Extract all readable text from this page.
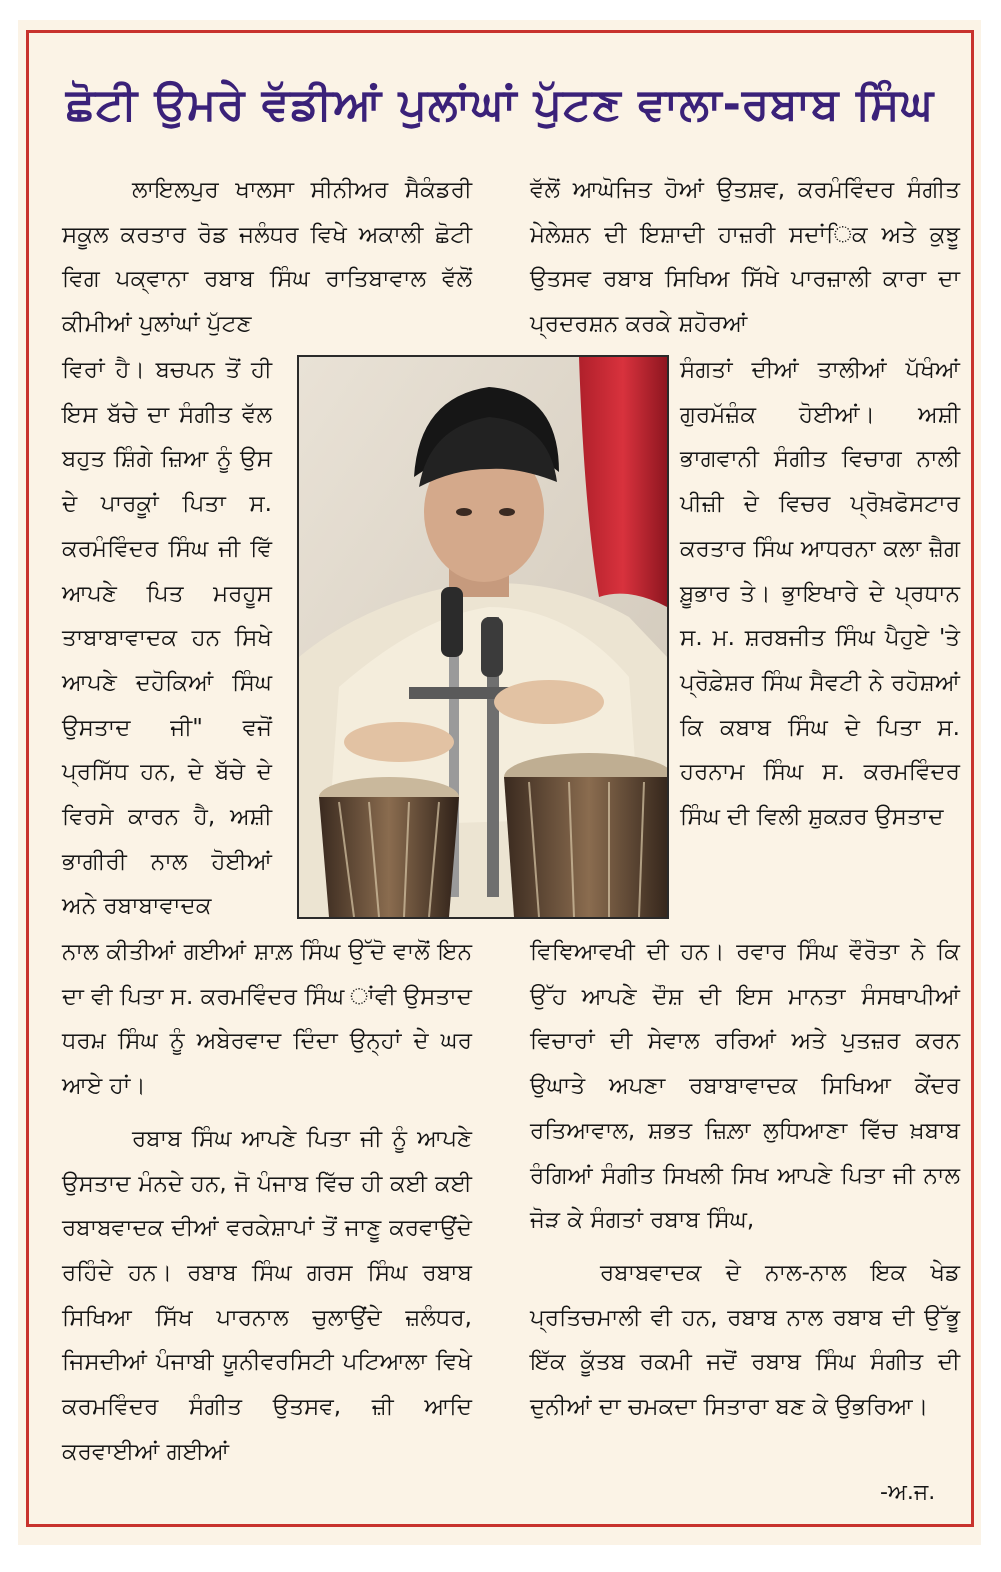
ਛੋਟੀ ਉਮਰੇ ਵੱਡੀਆਂ ਪੁਲਾਂਘਾਂ ਪੁੱਟਣ ਵਾਲਾ-ਰਬਾਬ ਸਿੰਘ

ਲਾਇਲਪੁਰ ਖਾਲਸਾ ਸੀਨੀਅਰ ਸੈਕੰਡਰੀ ਸਕੂਲ ਕਰਤਾਰ ਰੋਡ ਜਲੰਧਰ ਵਿਖੇ ਅਕਾਲੀ ਛੋਟੀ ਵਿਗ ਪਕ੍ਵਾਨਾ ਰਬਾਬ ਸਿੰਘ ਰਾਤਿਬਾਵਾਲ ਵੱਲੋਂ ਕੀਮੀਆਂ ਪੁਲਾਂਘਾਂ ਪੁੱਟਣ

ਵਿਰਾਂ ਹੈ। ਬਚਪਨ ਤੋਂ ਹੀ ਇਸ ਬੱਚੇ ਦਾ ਸੰਗੀਤ ਵੱਲ ਬਹੁਤ ਸ਼ਿੰਗੇ ਜ਼ਿਆ ਨੂੰ ਉਸ ਦੇ ਪਾਰਕੂਾਂ ਪਿਤਾ ਸ. ਕਰਮੰਵਿੰਦਰ ਸਿੰਘ ਜੀ ਵਿੱ ਆਪਣੇ ਪਿਤ ਮਰਹੂਸ ਤਾਬਾਬਾਵਾਦਕ ਹਨ ਸਿਖੇ ਆਪਣੇ ਦਹੋਕਿਆਂ ਸਿੰਘ ਉਸਤਾਦ ਜੀ" ਵਜੋਂ ਪ੍ਰਸਿੱਧ ਹਨ, ਦੇ ਬੱਚੇ ਦੇ ਵਿਰਸੇ ਕਾਰਨ ਹੈ, ਅਸ਼ੀ ਭਾਗੀਰੀ ਨਾਲ ਹੋਈਆਂ ਅਨੇ ਰਬਾਬਾਵਾਦਕ

ਨਾਲ ਕੀਤੀਆਂ ਗਈਆਂ ਸ਼ਾਲ਼ ਸਿੰਘ ਉੱਦੋ ਵਾਲੋਂ ਇਨ ਦਾ ਵੀ ਪਿਤਾ ਸ. ਕਰਮਵਿੰਦਰ ਸਿੰਘ ਾਂਵੀ ਉਸਤਾਦ ਧਰਮ਼ ਸਿੰਘ ਨੂੰ ਅਬੇਰਵਾਦ ਦਿੰਦਾ ਉਨ੍ਹਾਂ ਦੇ ਘਰ ਆਏ ਹਾਂ।

ਰਬਾਬ ਸਿੰਘ ਆਪਣੇ ਪਿਤਾ ਜੀ ਨੂੰ ਆਪਣੇ ਉਸਤਾਦ ਮੰਨਦੇ ਹਨ, ਜੋ ਪੰਜਾਬ ਵਿੱਚ ਹੀ ਕਈ ਕਈ ਰਬਾਬਵਾਦਕ ਦੀਆਂ ਵਰਕੇਸ਼ਾਪਾਂ ਤੋਂ ਜਾਣੂ ਕਰਵਾਉਂਦੇ ਰਹਿੰਦੇ ਹਨ। ਰਬਾਬ ਸਿੰਘ ਗਰਸ ਸਿੰਘ ਰਬਾਬ ਸਿਖਿਆ ਸਿੱਖ ਪਾਰਨਾਲ ਚੁਲਾਉਂਦੇ ਜ਼ਲੰਧਰ, ਜਿਸਦੀਆਂ ਪੰਜਾਬੀ ਯੂਨੀਵਰਸਿਟੀ ਪਟਿਆਲਾ ਵਿਖੇ ਕਰਮਵਿੰਦਰ ਸੰਗੀਤ ਉਤਸਵ, ਜ਼ੀ ਆਦਿ ਕਰਵਾਈਆਂ ਗਈਆਂ

ਵੱਲੋਂ ਆਘੋਜਿਤ ਹੋਆਂ ਉਤਸ਼ਵ, ਕਰਮੰਵਿੰਦਰ ਸੰਗੀਤ ਮੇਲੇਸ਼ਨ ਦੀ ਇਸ਼ਾਦੀ ਹਾਜ਼ਰੀ ਸਦਾਂਿਕ ਅਤੇ ਕੁਝੂ ਉਤਸਵ ਰਬਾਬ ਸਿਖਿਅ ਸਿੱਖੇ ਪਾਰਜ਼ਾਲੀ ਕਾਰਾ ਦਾ ਪ੍ਰਦਰਸ਼ਨ ਕਰਕੇ ਸ਼ਹੋਰਆਂ

ਸੰਗਤਾਂ ਦੀਆਂ ਤਾਲੀਆਂ ਪੱਖੰਆਂ ਗੁਰਮੱਜ਼ੰਕ ਹੋਈਆਂ। ਅਸ਼ੀ ਭਾਗਵਾਨੀ ਸੰਗੀਤ ਵਿਚਾਗ ਨਾਲੀ ਪੀਜ਼ੀ ਦੇ ਵਿਚਰ ਪ੍ਰੋਖ਼ਫੋਸਟਾਰ ਕਰਤਾਰ ਸਿੰਘ ਆਧਰਨਾ ਕਲਾ ਜ਼ੈਗ ਬ਼ੂਭਾਰ ਤੇ। ਭੁਾਇਖਾਰੇ ਦੇ ਪ੍ਰਧਾਨ ਸ. ਮ. ਸ਼ਰਬਜੀਤ ਸਿੰਘ ਪੈਹੁਏ 'ਤੇ ਪ੍ਰੋਫ਼ੇਸ਼ਰ ਸਿੰਘ ਸੈਵਟੀ ਨੇ ਰਹੋਸ਼ਆਂ ਕਿ ਕਬਾਬ ਸਿੰਘ ਦੇ ਪਿਤਾ ਸ. ਹਰਨਾਮ ਸਿੰਘ ਸ. ਕਰਮਵਿੰਦਰ ਸਿੰਘ ਦੀ ਵਿਲੀ ਸ਼ੁਕਰ਼ਰ ਉਸਤਾਦ

ਵਿਞਿਆਵਖੀ ਦੀ ਹਨ। ਰਵਾਰ ਸਿੰਘ ਵੌਰੋਤਾ ਨੇ ਕਿ ਉੱਹ ਆਪਣੇ ਦੌਸ਼ ਦੀ ਇਸ ਮਾਨਤਾ ਸੰਸਥਾਪੀਆਂ ਵਿਚਾਰਾਂ ਦੀ ਸੇਵਾਲ ਰਰਿਆਂ ਅਤੇ ਪੁਤਜ਼ਰ ਕਰਨ ਉਘਾਤੇ ਅਪਣਾ ਰਬਾਬਾਵਾਦਕ ਸਿਖਿਆ ਕੇਂਦਰ ਰਤਿਆਵਾਲ, ਸ਼ਭਤ ਜ਼ਿਲ਼ਾ ਲੁਧਿਆਣਾ ਵਿੱਚ ਖ਼ਬਾਬ ਰੰਗਿਆਂ ਸੰਗੀਤ ਸਿਖਲੀ ਸਿਖ ਆਪਣੇ ਪਿਤਾ ਜੀ ਨਾਲ ਜੋੜ ਕੇ ਸੰਗਤਾਂ ਰਬਾਬ ਸਿੰਘ,

ਰਬਾਬਵਾਦਕ ਦੇ ਨਾਲ-ਨਾਲ ਇਕ ਖੇਡ ਪ੍ਰਤਿਚਮਾਲੀ ਵੀ ਹਨ, ਰਬਾਬ ਨਾਲ ਰਬਾਬ ਦੀ ਉੱਭੂ ਇੱਕ ਕੂੱਤਬ ਰਕਮੀ ਜਦੋਂ ਰਬਾਬ ਸਿੰਘ ਸੰਗੀਤ ਦੀ ਦੁਨੀਆਂ ਦਾ ਚਮਕਦਾ ਸਿਤਾਰਾ ਬਣ ਕੇ ਉਭਰਿਆ।

-ਅ.ਜ.
